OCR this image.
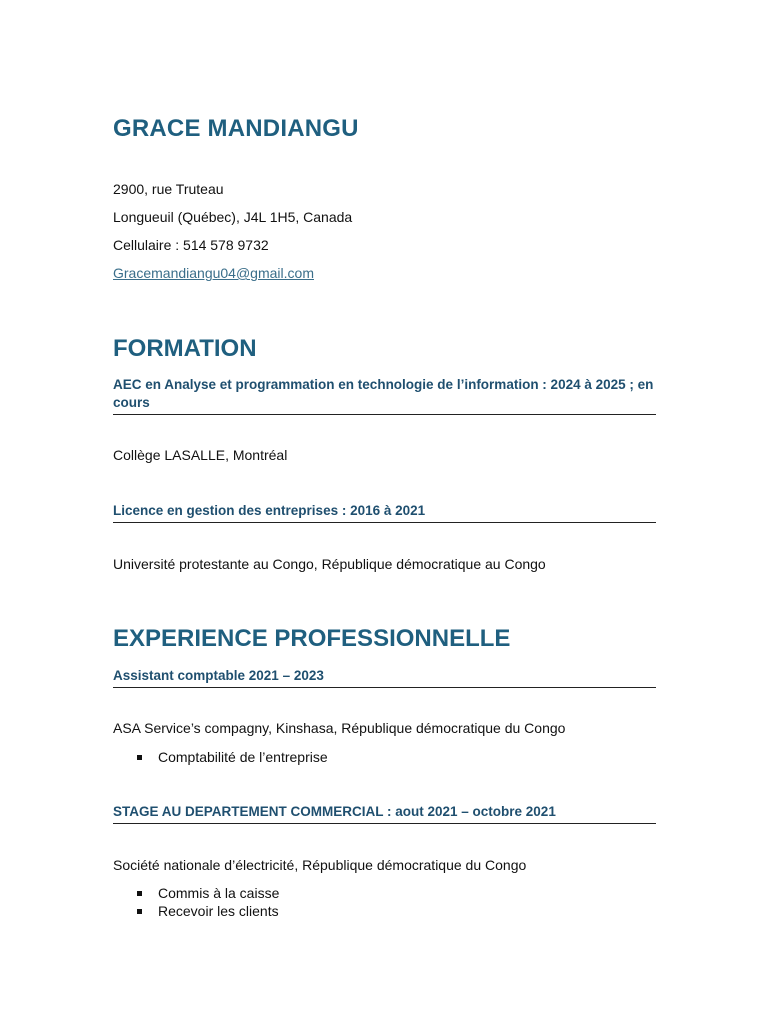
GRACE MANDIANGU
2900, rue Truteau
Longueuil (Québec), J4L 1H5, Canada
Cellulaire : 514 578 9732
Gracemandiangu04@gmail.com
FORMATION
AEC en Analyse et programmation en technologie de l’information : 2024 à 2025 ; en cours
Collège LASALLE, Montréal
Licence en gestion des entreprises : 2016 à 2021
Université protestante au Congo, République démocratique au Congo
EXPERIENCE PROFESSIONNELLE
Assistant comptable 2021 – 2023
ASA Service’s compagny, Kinshasa, République démocratique du Congo
Comptabilité de l’entreprise
STAGE AU DEPARTEMENT COMMERCIAL : aout 2021 – octobre 2021
Société nationale d’électricité, République démocratique du Congo
Commis à la caisse
Recevoir les clients
